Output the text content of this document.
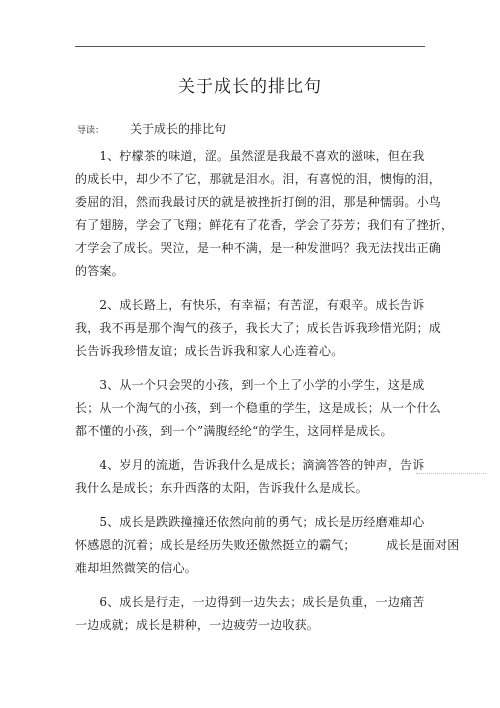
关于成长的排比句
导读： 关于成长的排比句
　　1、柠檬茶的味道，涩。虽然涩是我最不喜欢的滋味，但在我
的成长中，却少不了它，那就是泪水。泪，有喜悦的泪，懊悔的泪，
委屈的泪，然而我最讨厌的就是被挫折打倒的泪，那是种懦弱。小鸟
有了翅膀，学会了飞翔；鲜花有了花香，学会了芬芳；我们有了挫折，
才学会了成长。哭泣，是一种不满，是一种发泄吗？我无法找出正确
的答案。
　　2、成长路上，有快乐，有幸福；有苦涩，有艰辛。成长告诉
我，我不再是那个淘气的孩子，我长大了；成长告诉我珍惜光阴；成
长告诉我珍惜友谊；成长告诉我和家人心连着心。
　　3、从一个只会哭的小孩，到一个上了小学的小学生，这是成
长；从一个淘气的小孩，到一个稳重的学生，这是成长；从一个什么
都不懂的小孩，到一个”满腹经纶“的学生，这同样是成长。
　　4、岁月的流逝，告诉我什么是成长；滴滴答答的钟声，告诉
我什么是成长；东升西落的太阳，告诉我什么是成长。
　　5、成长是跌跌撞撞还依然向前的勇气；成长是历经磨难却心
怀感恩的沉着；成长是经历失败还傲然挺立的霸气；　　　成长是面对困
难却坦然微笑的信心。
　　6、成长是行走，一边得到一边失去；成长是负重，一边痛苦
一边成就；成长是耕种，一边疲劳一边收获。
